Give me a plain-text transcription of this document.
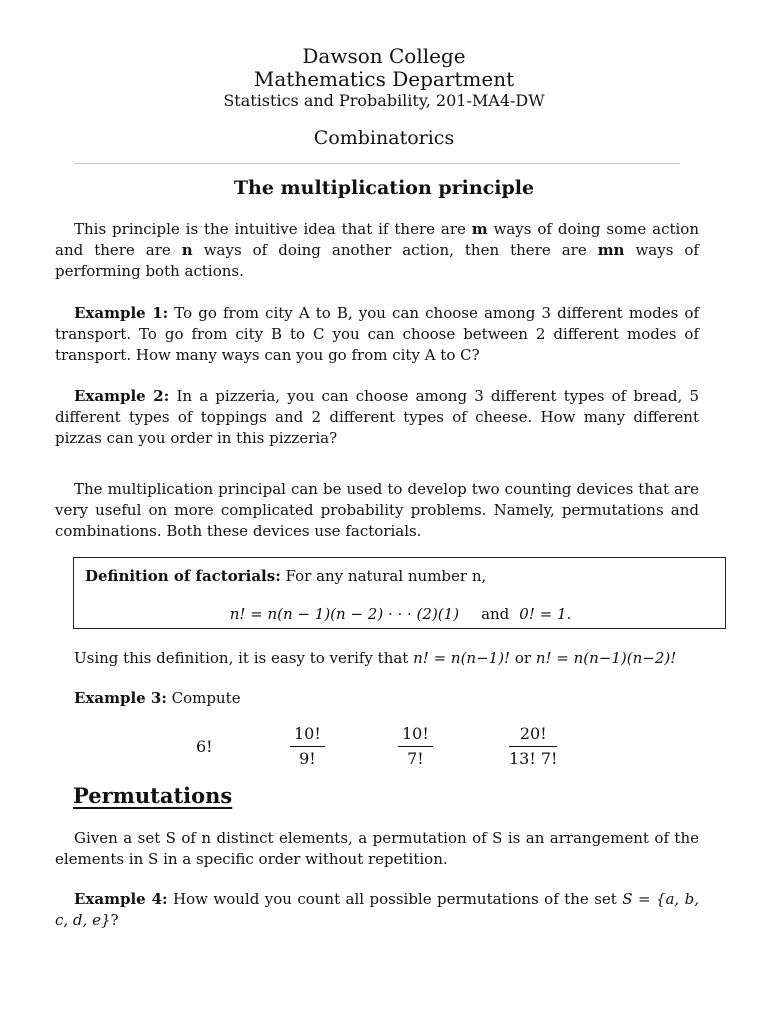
Dawson College
Mathematics Department
Statistics and Probability, 201-MA4-DW
Combinatorics
The multiplication principle
This principle is the intuitive idea that if there are m ways of doing some action and there are n ways of doing another action, then there are mn ways of performing both actions.
Example 1: To go from city A to B, you can choose among 3 different modes of transport. To go from city B to C you can choose between 2 different modes of transport. How many ways can you go from city A to C?
Example 2: In a pizzeria, you can choose among 3 different types of bread, 5 different types of toppings and 2 different types of cheese. How many different pizzas can you order in this pizzeria?
The multiplication principal can be used to develop two counting devices that are very useful on more complicated probability problems. Namely, permutations and combinations. Both these devices use factorials.
Definition of factorials: For any natural number n,
n! = n(n − 1)(n − 2) · · · (2)(1) and 0! = 1.
Using this definition, it is easy to verify that n! = n(n−1)! or n! = n(n−1)(n−2)!
Example 3: Compute
6!	$\frac{10!}{9!}$	$\frac{10!}{7!}$	$\frac{20!}{13! 7!}$
Permutations
Given a set S of n distinct elements, a permutation of S is an arrangement of the elements in S in a specific order without repetition.
Example 4: How would you count all possible permutations of the set S = {a, b, c, d, e}?
